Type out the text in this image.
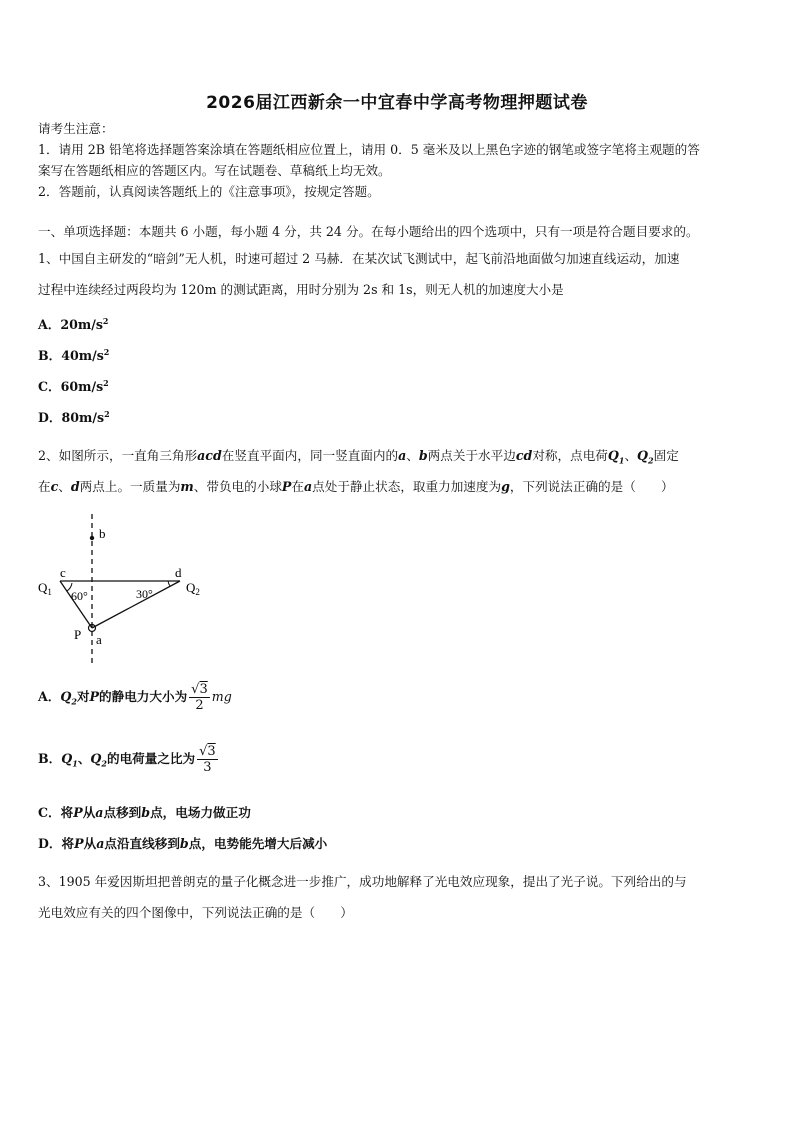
2026届江西新余一中宜春中学高考物理押题试卷
请考生注意：
1．请用 2B 铅笔将选择题答案涂填在答题纸相应位置上，请用 0．5 毫米及以上黑色字迹的钢笔或签字笔将主观题的答
案写在答题纸相应的答题区内。写在试题卷、草稿纸上均无效。
2．答题前，认真阅读答题纸上的《注意事项》，按规定答题。
一、单项选择题：本题共 6 小题，每小题 4 分，共 24 分。在每小题给出的四个选项中，只有一项是符合题目要求的。
1、中国自主研发的“暗剑”无人机，时速可超过 2 马赫．在某次试飞测试中，起飞前沿地面做匀加速直线运动，加速
过程中连续经过两段均为 120m 的测试距离，用时分别为 2s 和 1s，则无人机的加速度大小是
A．$20m/s^2$
B．$40m/s^2$
C．$60m/s^2$
D．$80m/s^2$
2、如图所示，一直角三角形acd在竖直平面内，同一竖直面内的a、b两点关于水平边cd对称，点电荷$Q_1$、$Q_2$固定
在c、d两点上。一质量为m、带负电的小球P在a点处于静止状态，取重力加速度为g，下列说法正确的是（　　）
b
c	d
$Q_1$	$Q_2$
60°	30°
P a
A．$Q_2$对P的静电力大小为 $\frac{√3}{2}$ mg
B．$Q_1$、$Q_2$的电荷量之比为 $\frac{√3}{3}$
C．将P从a点移到b点，电场力做正功
D．将P从a点沿直线移到b点，电势能先增大后减小
3、1905 年爱因斯坦把普朗克的量子化概念进一步推广，成功地解释了光电效应现象，提出了光子说。下列给出的与
光电效应有关的四个图像中，下列说法正确的是（　　）
